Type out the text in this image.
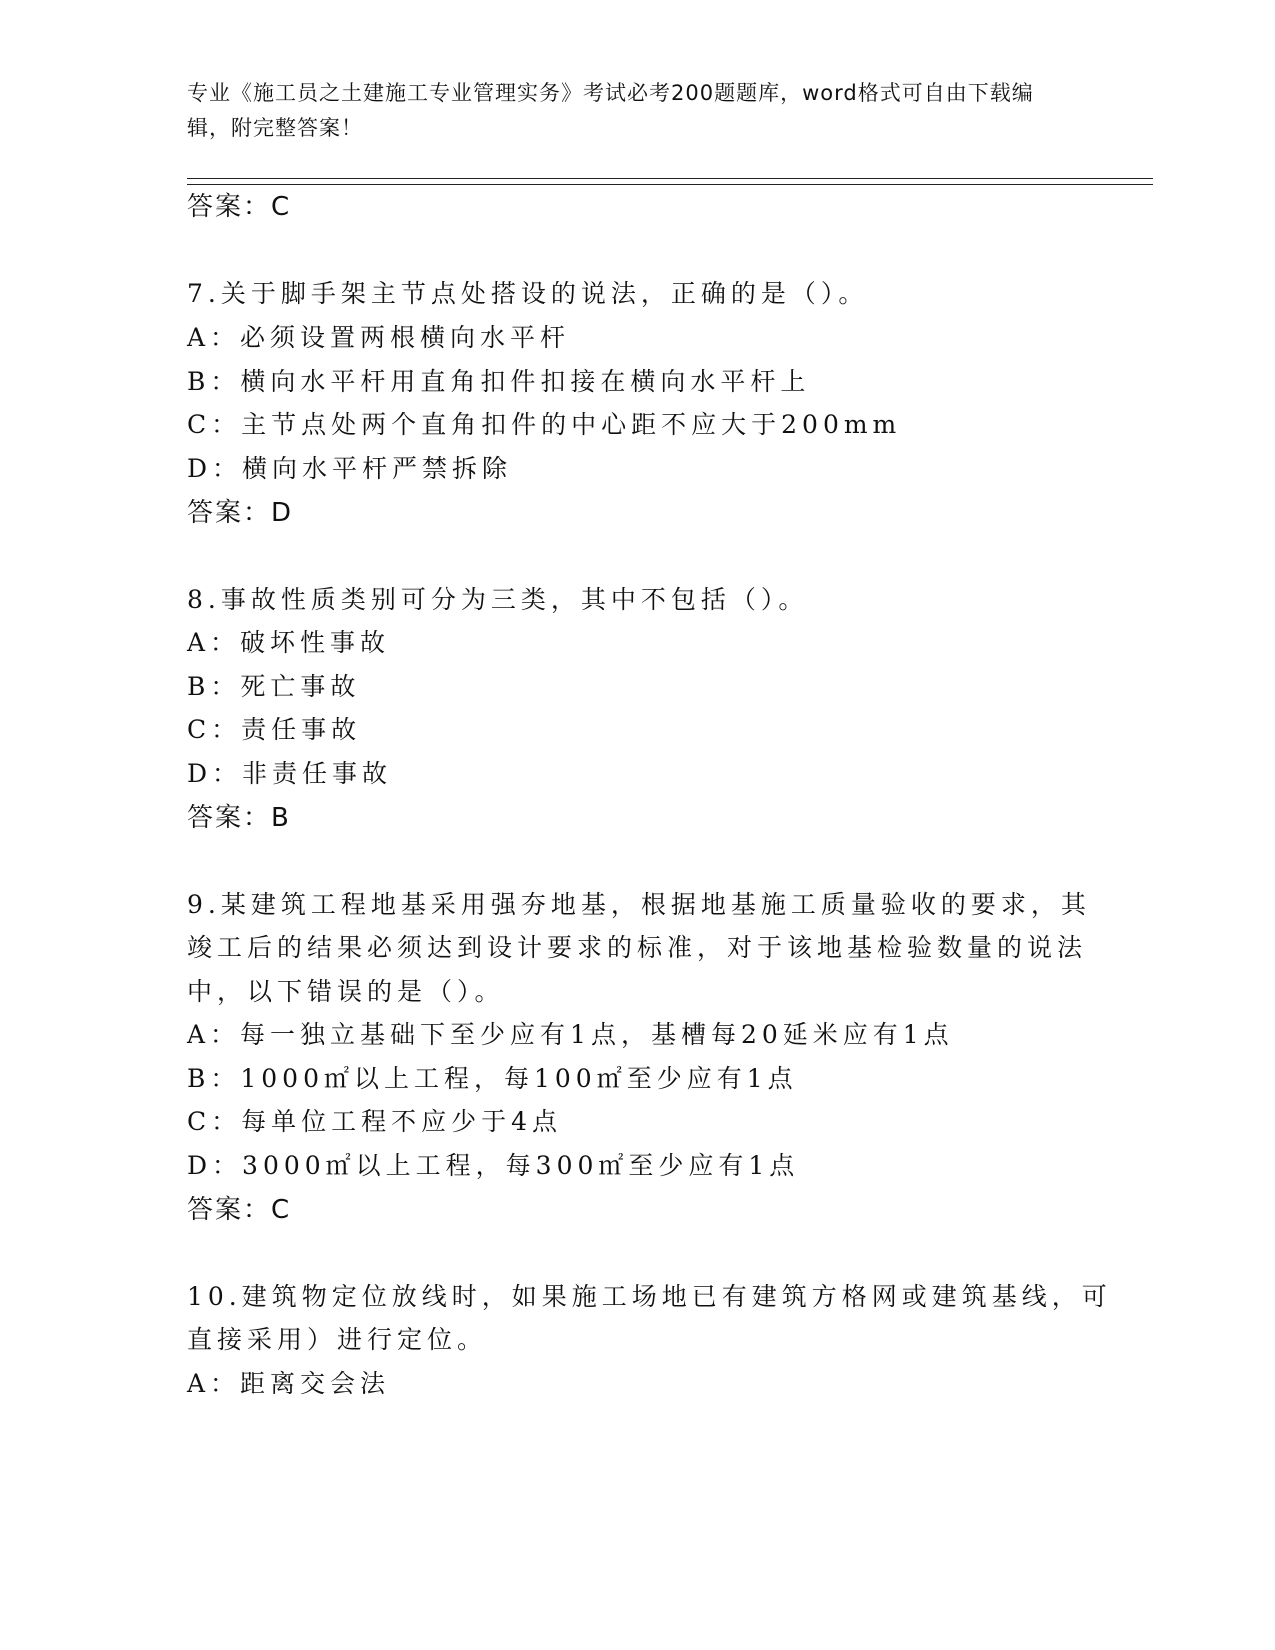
专业《施工员之土建施工专业管理实务》考试必考200题题库，word格式可自由下载编辑，附完整答案！
答案：C
7.关于脚手架主节点处搭设的说法，正确的是（）。
A：必须设置两根横向水平杆
B：横向水平杆用直角扣件扣接在横向水平杆上
C：主节点处两个直角扣件的中心距不应大于200mm
D：横向水平杆严禁拆除
答案：D
8.事故性质类别可分为三类，其中不包括（）。
A：破坏性事故
B：死亡事故
C：责任事故
D：非责任事故
答案：B
9.某建筑工程地基采用强夯地基，根据地基施工质量验收的要求，其
竣工后的结果必须达到设计要求的标准，对于该地基检验数量的说法
中，以下错误的是（）。
A：每一独立基础下至少应有1点，基槽每20延米应有1点
B：1000㎡以上工程，每100㎡至少应有1点
C：每单位工程不应少于4点
D：3000㎡以上工程，每300㎡至少应有1点
答案：C
10.建筑物定位放线时，如果施工场地已有建筑方格网或建筑基线，可
直接采用）进行定位。
A：距离交会法
